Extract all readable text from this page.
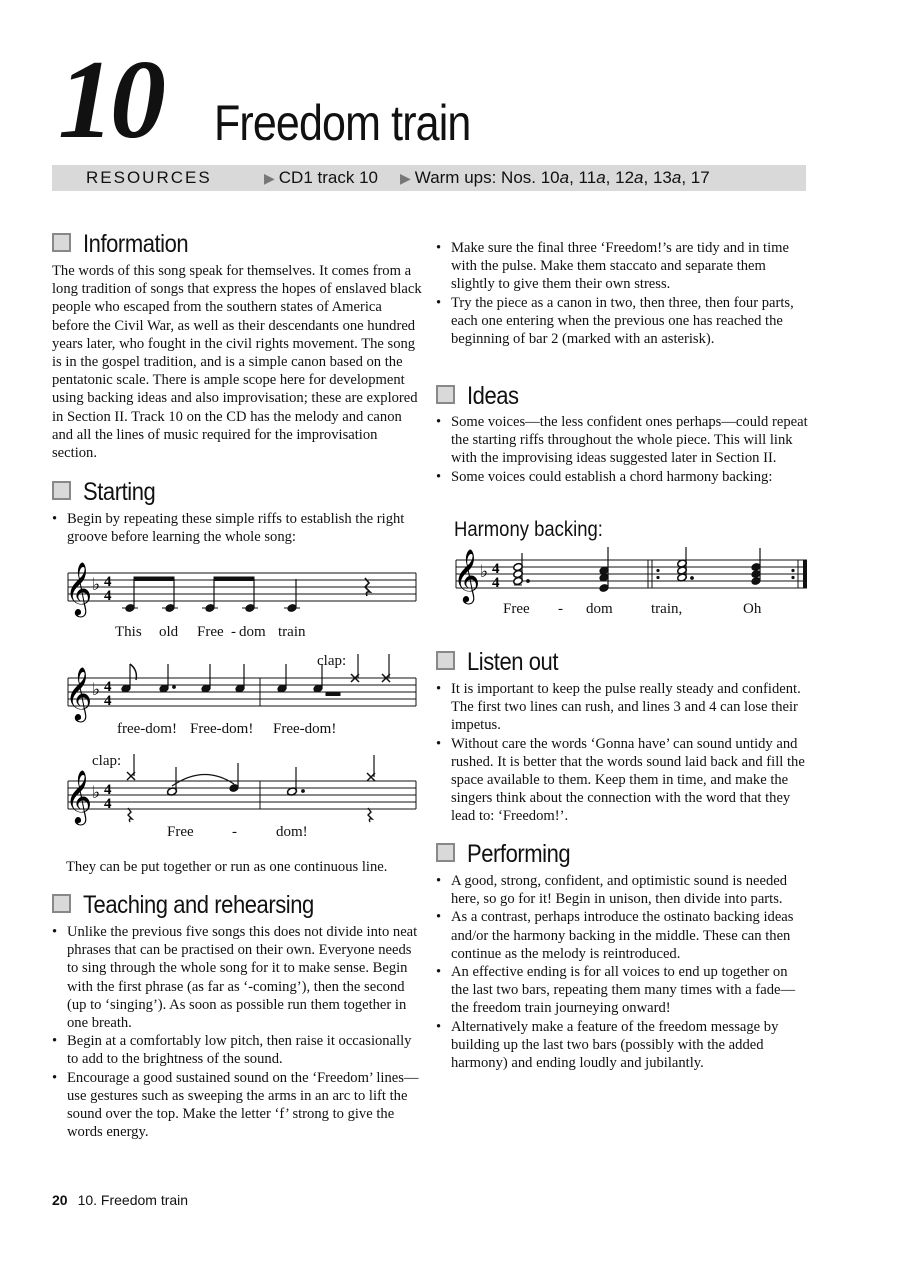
10 Freedom train
RESOURCES	▶ CD1 track 10 ▶ Warm ups: Nos. 10a, 11a, 12a, 13a, 17
Information

The words of this song speak for themselves. It comes from a long tradition of songs that express the hopes of enslaved black people who escaped from the southern states of America before the Civil War, as well as their descendants one hundred years later, who fought in the civil rights movement. The song is in the gospel tradition, and is a simple canon based on the pentatonic scale. There is ample scope here for development using backing ideas and also improvisation; these are explored in Section II. Track 10 on the CD has the melody and canon and all the lines of music required for the improvisation section.

Starting
• Begin by repeating these simple riffs to establish the right groove before learning the whole song:
𝄞 ♭ 4
4
This old Free - dom train
clap:
𝄞 ♭ 4
4
free-dom! Free-dom! Free-dom!
clap:
𝄞 ♭ 4
4
Free	-	dom!

They can be put together or run as one continuous line.

Teaching and rehearsing
• Unlike the previous five songs this does not divide into neat phrases that can be practised on their own. Everyone needs to sing through the whole song for it to make sense. Begin with the first phrase (as far as ‘-coming’), then the second (up to ‘singing’). As soon as possible run them together in one breath.
• Begin at a comfortably low pitch, then raise it occasionally to add to the brightness of the sound.
• Encourage a good sustained sound on the ‘Freedom’ lines—use gestures such as sweeping the arms in an arc to lift the sound over the top. Make the letter ‘f’ strong to give the words energy.
• Make sure the final three ‘Freedom!’s are tidy and in time with the pulse. Make them staccato and separate them slightly to give them their own stress.
• Try the piece as a canon in two, then three, then four parts, each one entering when the previous one has reached the beginning of bar 2 (marked with an asterisk).
Ideas
• Some voices—the less confident ones perhaps—could repeat the starting riffs throughout the whole piece. This will link with the improvising ideas suggested later in Section II.
• Some voices could establish a chord harmony backing:
Harmony backing:
𝄞 ♭ 4
4
Free - dom	train,	Oh
Listen out
• It is important to keep the pulse really steady and confident. The first two lines can rush, and lines 3 and 4 can lose their impetus.
• Without care the words ‘Gonna have’ can sound untidy and rushed. It is better that the words sound laid back and fill the space available to them. Keep them in time, and make the singers think about the connection with the word that they lead to: ‘Freedom!’.
Performing
• A good, strong, confident, and optimistic sound is needed here, so go for it! Begin in unison, then divide into parts.
• As a contrast, perhaps introduce the ostinato backing ideas and/or the harmony backing in the middle. These can then continue as the melody is reintroduced.
• An effective ending is for all voices to end up together on the last two bars, repeating them many times with a fade—the freedom train journeying onward!
• Alternatively make a feature of the freedom message by building up the last two bars (possibly with the added harmony) and ending loudly and jubilantly.
20 10. Freedom train
